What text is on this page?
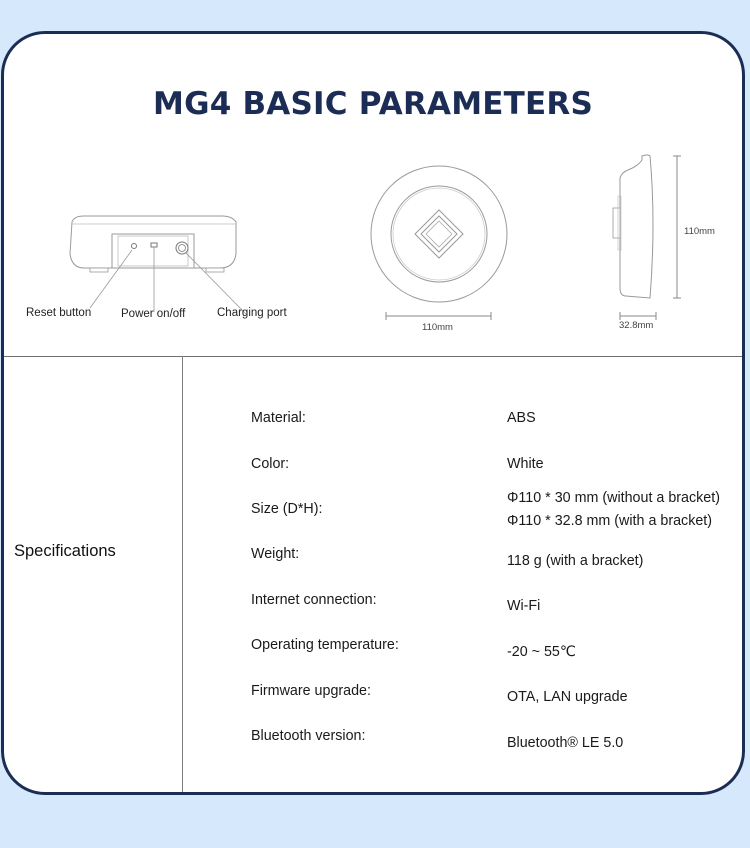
MG4 BASIC PARAMETERS
Reset button	Power on/off	Charging port
110mm
110mm
32.8mm
Specifications
Material:	ABS
Color:	White
Size (D*H):
Φ110 * 30 mm (without a bracket)
Φ110 * 32.8 mm (with a bracket)
Weight:	118 g (with a bracket)
Internet connection:	Wi-Fi
Operating temperature:	-20 ~ 55℃
Firmware upgrade:	OTA, LAN upgrade
Bluetooth version:	Bluetooth® LE 5.0
